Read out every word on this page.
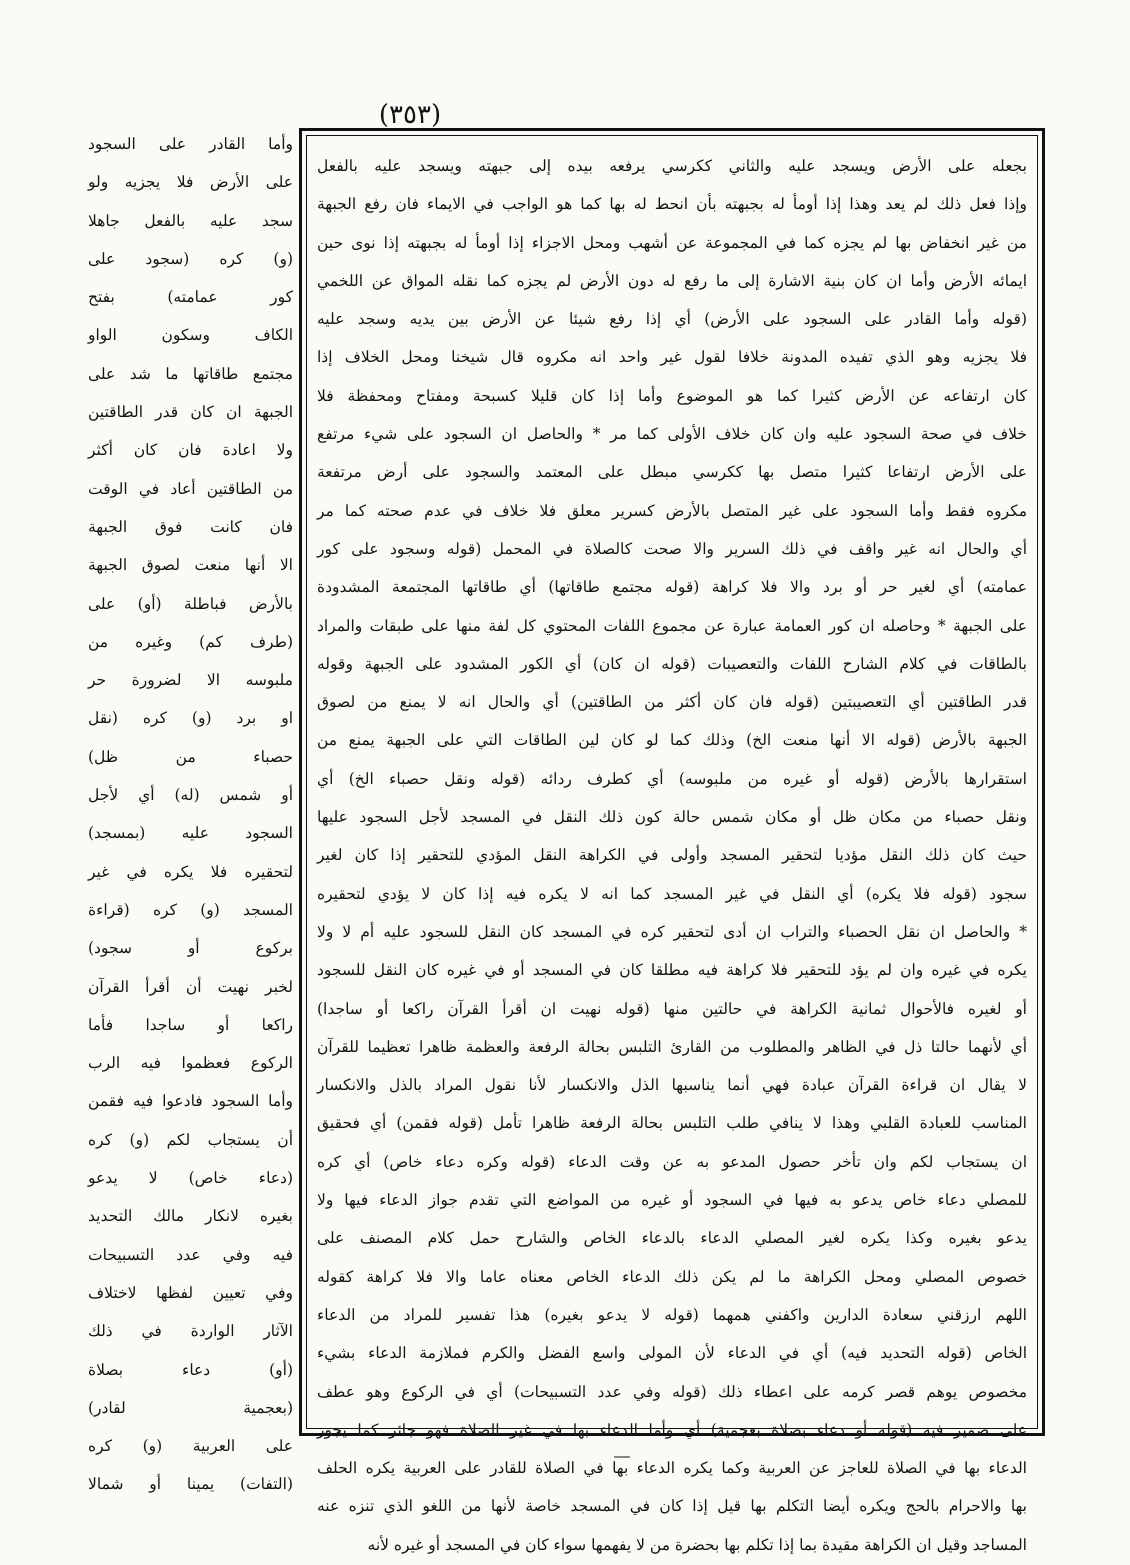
(٣٥٣)
بجعله على الأرض ويسجد عليه والثاني ككرسي يرفعه بيده إلى جبهته ويسجد عليه بالفعل
وإذا فعل ذلك لم يعد وهذا إذا أومأ له بجبهته بأن انحط له بها كما هو الواجب في الايماء فان رفع الجبهة
من غير انخفاض بها لم يجزه كما في المجموعة عن أشهب ومحل الاجزاء إذا أومأ له بجبهته إذا نوى حين
ايمائه الأرض وأما ان كان بنية الاشارة إلى ما رفع له دون الأرض لم يجزه كما نقله المواق عن اللخمي
(قوله وأما القادر على السجود على الأرض) أي إذا رفع شيئا عن الأرض بين يديه وسجد عليه
فلا يجزيه وهو الذي تفيده المدونة خلافا لقول غير واحد انه مكروه قال شيخنا ومحل الخلاف إذا
كان ارتفاعه عن الأرض كثيرا كما هو الموضوع وأما إذا كان قليلا كسبحة ومفتاح ومحفظة فلا
خلاف في صحة السجود عليه وان كان خلاف الأولى كما مر * والحاصل ان السجود على شيء مرتفع
على الأرض ارتفاعا كثيرا متصل بها ككرسي مبطل على المعتمد والسجود على أرض مرتفعة
مكروه فقط وأما السجود على غير المتصل بالأرض كسرير معلق فلا خلاف في عدم صحته كما مر
أي والحال انه غير واقف في ذلك السرير والا صحت كالصلاة في المحمل (قوله وسجود على كور
عمامته) أي لغير حر أو برد والا فلا كراهة (قوله مجتمع طاقاتها) أي طاقاتها المجتمعة المشدودة
على الجبهة * وحاصله ان كور العمامة عبارة عن مجموع اللفات المحتوي كل لفة منها على طبقات والمراد
بالطاقات في كلام الشارح اللفات والتعصيبات (قوله ان كان) أي الكور المشدود على الجبهة وقوله
قدر الطاقتين أي التعصيبتين (قوله فان كان أكثر من الطاقتين) أي والحال انه لا يمنع من لصوق
الجبهة بالأرض (قوله الا أنها منعت الخ) وذلك كما لو كان لين الطاقات التي على الجبهة يمنع من
استقرارها بالأرض (قوله أو غيره من ملبوسه) أي كطرف ردائه (قوله ونقل حصباء الخ) أي
ونقل حصباء من مكان ظل أو مكان شمس حالة كون ذلك النقل في المسجد لأجل السجود عليها
حيث كان ذلك النقل مؤديا لتحقير المسجد وأولى في الكراهة النقل المؤدي للتحقير إذا كان لغير
سجود (قوله فلا يكره) أي النقل في غير المسجد كما انه لا يكره فيه إذا كان لا يؤدي لتحقيره
* والحاصل ان نقل الحصباء والتراب ان أدى لتحقير كره في المسجد كان النقل للسجود عليه أم لا ولا
يكره في غيره وان لم يؤد للتحقير فلا كراهة فيه مطلقا كان في المسجد أو في غيره كان النقل للسجود
أو لغيره فالأحوال ثمانية الكراهة في حالتين منها (قوله نهيت ان أقرأ القرآن راكعا أو ساجدا)
أي لأنهما حالتا ذل في الظاهر والمطلوب من القارئ التلبس بحالة الرفعة والعظمة ظاهرا تعظيما للقرآن
لا يقال ان قراءة القرآن عبادة فهي أنما يناسبها الذل والانكسار لأنا نقول المراد بالذل والانكسار
المناسب للعبادة القلبي وهذا لا ينافي طلب التلبس بحالة الرفعة ظاهرا تأمل (قوله فقمن) أي فحقيق
ان يستجاب لكم وان تأخر حصول المدعو به عن وقت الدعاء (قوله وكره دعاء خاص) أي كره
للمصلي دعاء خاص يدعو به فيها في السجود أو غيره من المواضع التي تقدم جواز الدعاء فيها ولا
يدعو بغيره وكذا يكره لغير المصلي الدعاء بالدعاء الخاص والشارح حمل كلام المصنف على
خصوص المصلي ومحل الكراهة ما لم يكن ذلك الدعاء الخاص معناه عاما والا فلا كراهة كقوله
اللهم ارزقني سعادة الدارين واكفني همهما (قوله لا يدعو بغيره) هذا تفسير للمراد من الدعاء
الخاص (قوله التحديد فيه) أي في الدعاء لأن المولى واسع الفضل والكرم فملازمة الدعاء بشيء
مخصوص يوهم قصر كرمه على اعطاء ذلك (قوله وفي عدد التسبيحات) أي في الركوع وهو عطف
على ضمير فيه (قوله أو دعاء بصلاة بعجمية) أي وأما الدعاء بها في غير الصلاة فهو جائز كما يجوز
الدعاء بها في الصلاة للعاجز عن العربية وكما يكره الدعاء بها في الصلاة للقادر على العربية يكره الحلف
بها والاحرام بالحج ويكره أيضا التكلم بها قيل إذا كان في المسجد خاصة لأنها من اللغو الذي تنزه عنه
المساجد وقيل ان الكراهة مقيدة بما إذا تكلم بها بحضرة من لا يفهمها سواء كان في المسجد أو غيره لأنه
وأما القادر على السجود
على الأرض فلا يجزيه ولو
سجد عليه بالفعل جاهلا
(و) كره (سجود على
كور عمامته) بفتح
الكاف وسكون الواو
مجتمع طاقاتها ما شد على
الجبهة ان كان قدر الطاقتين
ولا اعادة فان كان أكثر
من الطاقتين أعاد في الوقت
فان كانت فوق الجبهة
الا أنها منعت لصوق الجبهة
بالأرض فباطلة (أو) على
(طرف كم) وغيره من
ملبوسه الا لضرورة حر
او برد (و) كره (نقل
حصباء من ظل)
أو شمس (له) أي لأجل
السجود عليه (بمسجد)
لتحقيره فلا يكره في غير
المسجد (و) كره (قراءة
بركوع أو سجود)
لخبر نهيت أن أقرأ القرآن
راكعا أو ساجدا فأما
الركوع فعظموا فيه الرب
وأما السجود فادعوا فيه فقمن
أن يستجاب لكم (و) كره
(دعاء خاص) لا يدعو
بغيره لانكار مالك التحديد
فيه وفي عدد التسبيحات
وفي تعيين لفظها لاختلاف
الآثار الواردة في ذلك
(أو) دعاء بصلاة
(بعجمية لقادر)
على العربية (و) كره
(التفات) يمينا أو شمالا
